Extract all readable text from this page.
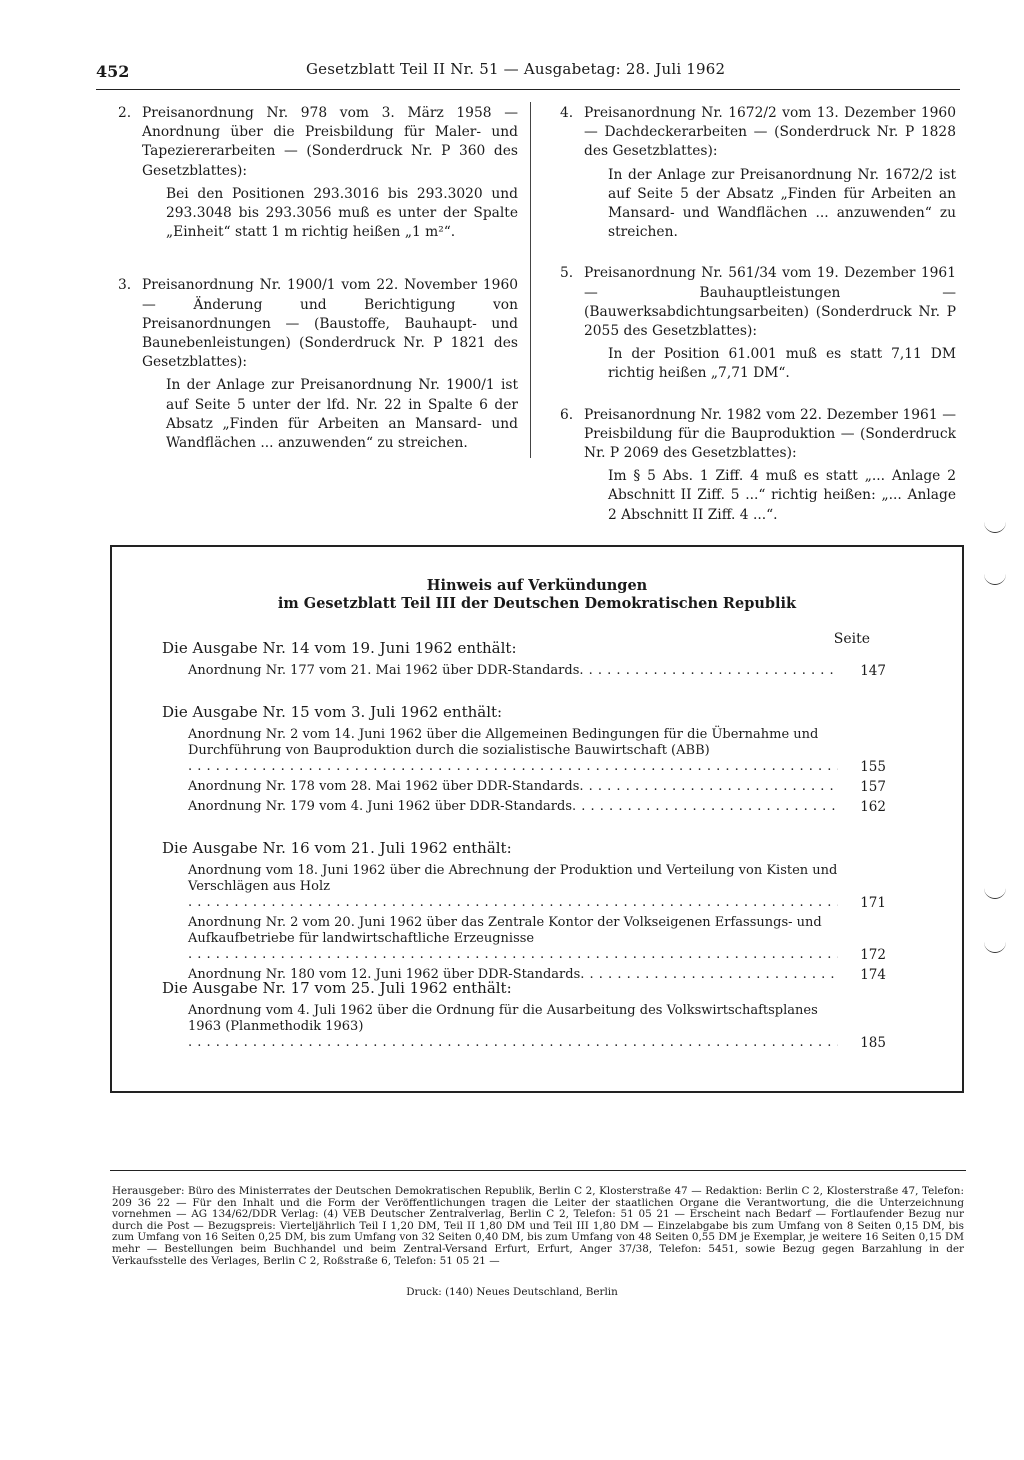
452	Gesetzblatt Teil II Nr. 51 — Ausgabetag: 28. Juli 1962
2. Preisanordnung Nr. 978 vom 3. März 1958 — Anordnung über die Preisbildung für Maler- und Tapeziererarbeiten — (Sonderdruck Nr. P 360 des Gesetzblattes):
Bei den Positionen 293.3016 bis 293.3020 und 293.3048 bis 293.3056 muß es unter der Spalte „Einheit“ statt 1 m richtig heißen „1 m²“.
3. Preisanordnung Nr. 1900/1 vom 22. November 1960 — Änderung und Berichtigung von Preisanordnungen — (Baustoffe, Bauhaupt- und Baunebenleistungen) (Sonderdruck Nr. P 1821 des Gesetzblattes):
In der Anlage zur Preisanordnung Nr. 1900/1 ist auf Seite 5 unter der lfd. Nr. 22 in Spalte 6 der Absatz „Finden für Arbeiten an Mansard- und Wandflächen ... anzuwenden“ zu streichen.
4. Preisanordnung Nr. 1672/2 vom 13. Dezember 1960 — Dachdeckerarbeiten — (Sonderdruck Nr. P 1828 des Gesetzblattes):
In der Anlage zur Preisanordnung Nr. 1672/2 ist auf Seite 5 der Absatz „Finden für Arbeiten an Mansard- und Wandflächen ... anzuwenden“ zu streichen.
5. Preisanordnung Nr. 561/34 vom 19. Dezember 1961 — Bauhauptleistungen — (Bauwerksabdichtungsarbeiten) (Sonderdruck Nr. P 2055 des Gesetzblattes):
In der Position 61.001 muß es statt 7,11 DM richtig heißen „7,71 DM“.
6. Preisanordnung Nr. 1982 vom 22. Dezember 1961 — Preisbildung für die Bauproduktion — (Sonderdruck Nr. P 2069 des Gesetzblattes):
Im § 5 Abs. 1 Ziff. 4 muß es statt „... Anlage 2 Abschnitt II Ziff. 5 ...“ richtig heißen: „... Anlage 2 Abschnitt II Ziff. 4 ...“.
Hinweis auf Verkündungen
im Gesetzblatt Teil III der Deutschen Demokratischen Republik
Seite
Die Ausgabe Nr. 14 vom 19. Juni 1962 enthält:
Anordnung Nr. 177 vom 21. Mai 1962 über DDR-Standards . . .	147
Die Ausgabe Nr. 15 vom 3. Juli 1962 enthält:
Anordnung Nr. 2 vom 14. Juni 1962 über die Allgemeinen Bedingungen für die Übernahme und Durchführung von Bauproduktion durch die sozialistische Bauwirtschaft (ABB)
. . .
155
Anordnung Nr. 178 vom 28. Mai 1962 über DDR-Standards . . .	157
Anordnung Nr. 179 vom 4. Juni 1962 über DDR-Standards . . .	162
Die Ausgabe Nr. 16 vom 21. Juli 1962 enthält:
Anordnung vom 18. Juni 1962 über die Abrechnung der Produktion und Verteilung von Kisten und Verschlägen aus Holz
. . .
171
Anordnung Nr. 2 vom 20. Juni 1962 über das Zentrale Kontor der Volkseigenen Erfassungs- und Aufkaufbetriebe für landwirtschaftliche Erzeugnisse
. . .
172
Anordnung Nr. 180 vom 12. Juni 1962 über DDR-Standards . . .	174
Die Ausgabe Nr. 17 vom 25. Juli 1962 enthält:
Anordnung vom 4. Juli 1962 über die Ordnung für die Ausarbeitung des Volkswirtschaftsplanes 1963 (Planmethodik 1963)
. . .
185
Herausgeber: Büro des Ministerrates der Deutschen Demokratischen Republik, Berlin C 2, Klosterstraße 47 — Redaktion: Berlin C 2, Klosterstraße 47, Telefon: 209 36 22 — Für den Inhalt und die Form der Veröffentlichungen tragen die Leiter der staatlichen Organe die Verantwortung, die die Unterzeichnung vornehmen — AG 134/62/DDR Verlag: (4) VEB Deutscher Zentralverlag, Berlin C 2, Telefon: 51 05 21 — Erscheint nach Bedarf — Fortlaufender Bezug nur durch die Post — Bezugspreis: Vierteljährlich Teil I 1,20 DM, Teil II 1,80 DM und Teil III 1,80 DM — Einzelabgabe bis zum Umfang von 8 Seiten 0,15 DM, bis zum Umfang von 16 Seiten 0,25 DM, bis zum Umfang von 32 Seiten 0,40 DM, bis zum Umfang von 48 Seiten 0,55 DM je Exemplar, je weitere 16 Seiten 0,15 DM mehr — Bestellungen beim Buchhandel und beim Zentral-Versand Erfurt, Erfurt, Anger 37/38, Telefon: 5451, sowie Bezug gegen Barzahlung in der Verkaufsstelle des Verlages, Berlin C 2, Roßstraße 6, Telefon: 51 05 21 —
Druck: (140) Neues Deutschland, Berlin
